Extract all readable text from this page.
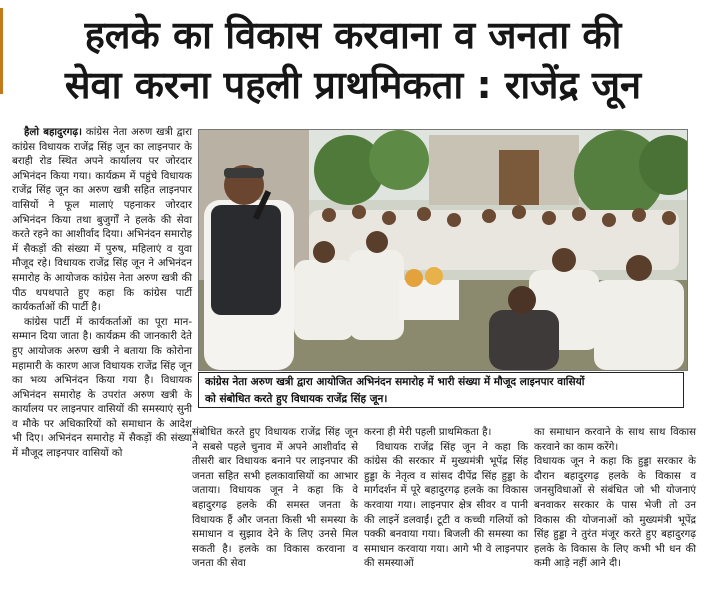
हलके का विकास करवाना व जनता की
सेवा करना पहली प्राथमिकता : राजेंद्र जून

हैलो बहादुरगढ़। कांग्रेस नेता अरुण खत्री द्वारा कांग्रेस विधायक राजेंद्र सिंह जून का लाइनपार के बराही रोड स्थित अपने कार्यालय पर जोरदार अभिनंदन किया गया। कार्यक्रम में पहुंचे विधायक राजेंद्र सिंह जून का अरुण खत्री सहित लाइनपार वासियों ने फूल मालाएं पहनाकर जोरदार अभिनंदन किया तथा बुजुर्गों ने हलके की सेवा करते रहने का आशीर्वाद दिया। अभिनंदन समारोह में सैकड़ों की संख्या में पुरुष, महिलाएं व युवा मौजूद रहे। विधायक राजेंद्र सिंह जून ने अभिनंदन समारोह के आयोजक कांग्रेस नेता अरुण खत्री की पीठ थपथपाते हुए कहा कि कांग्रेस पार्टी कार्यकर्ताओं की पार्टी है।

कांग्रेस पार्टी में कार्यकर्ताओं का पूरा मान-सम्मान दिया जाता है। कार्यक्रम की जानकारी देते हुए आयोजक अरुण खत्री ने बताया कि कोरोना महामारी के कारण आज विधायक राजेंद्र सिंह जून का भव्य अभिनंदन किया गया है। विधायक अभिनंदन समारोह के उपरांत अरुण खत्री के कार्यालय पर लाइनपार वासियों की समस्याएं सुनी व मौके पर अधिकारियों को समाधान के आदेश भी दिए। अभिनंदन समारोह में सैकड़ों की संख्या में मौजूद लाइनपार वासियों को

कांग्रेस नेता अरुण खत्री द्वारा आयोजित अभिनंदन समारोह में भारी संख्या में मौजूद लाइनपार वासियों
को संबोधित करते हुए विधायक राजेंद्र सिंह जून।

संबोधित करते हुए विधायक राजेंद्र सिंह जून ने सबसे पहले चुनाव में अपने आशीर्वाद से तीसरी बार विधायक बनाने पर लाइनपार की जनता सहित सभी हलकावासियों का आभार जताया। विधायक जून ने कहा कि वे बहादुरगढ़ हलके की समस्त जनता के विधायक हैं और जनता किसी भी समस्या के समाधान व सुझाव देने के लिए उनसे मिल सकती है। हलके का विकास करवाना व जनता की सेवा

करना ही मेरी पहली प्राथमिकता है।

विधायक राजेंद्र सिंह जून ने कहा कि कांग्रेस की सरकार में मुख्यमंत्री भूपेंद्र सिंह हुड्डा के नेतृत्व व सांसद दीपेंद्र सिंह हुड्डा के मार्गदर्शन में पूरे बहादुरगढ़ हलके का विकास करवाया गया। लाइनपार क्षेत्र सीवर व पानी की लाइनें डलवाईं। टूटी व कच्ची गलियों को पक्की बनवाया गया। बिजली की समस्या का समाधान करवाया गया। आगे भी वे लाइनपार की समस्याओं

का समाधान करवाने के साथ साथ विकास करवाने का काम करेंगे।

विधायक जून ने कहा कि हुड्डा सरकार के दौरान बहादुरगढ़ हलके के विकास व जनसुविधाओं से संबंधित जो भी योजनाएं बनवाकर सरकार के पास भेजी तो उन विकास की योजनाओं को मुख्यमंत्री भूपेंद्र सिंह हुड्डा ने तुरंत मंजूर करते हुए बहादुरगढ़ हलके के विकास के लिए कभी भी धन की कमी आड़े नहीं आने दी।
